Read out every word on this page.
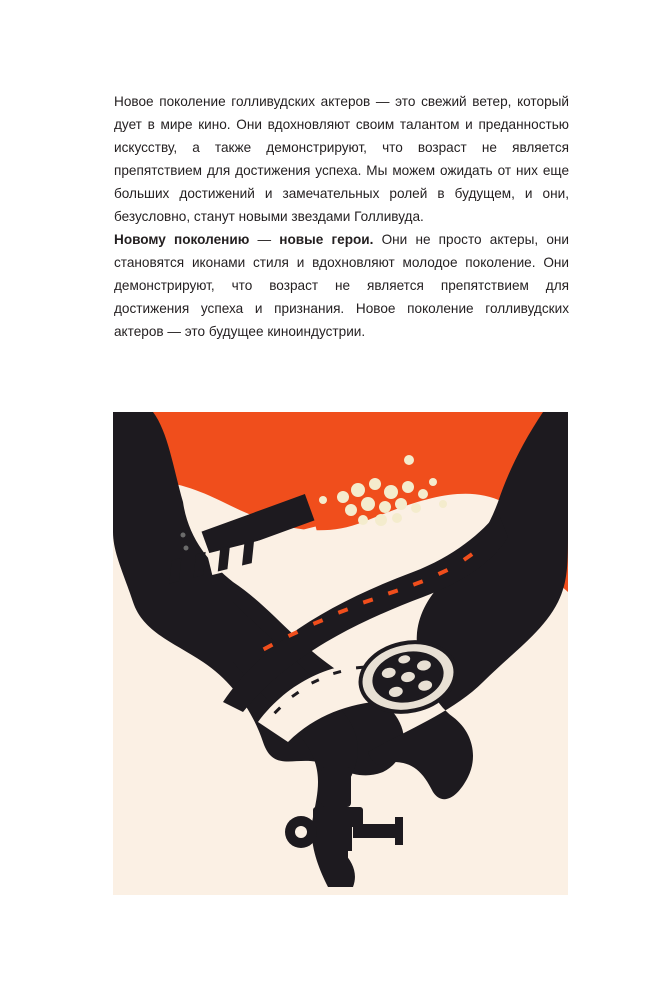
Новое поколение голливудских актеров — это свежий ветер, который дует в мире кино. Они вдохновляют своим талантом и преданностью искусству, а также демонстрируют, что возраст не является препятствием для достижения успеха. Мы можем ожидать от них еще больших достижений и замечательных ролей в будущем, и они, безусловно, станут новыми звездами Голливуда.

Новому поколению — новые герои. Они не просто актеры, они становятся иконами стиля и вдохновляют молодое поколение. Они демонстрируют, что возраст не является препятствием для достижения успеха и признания. Новое поколение голливудских актеров — это будущее киноиндустрии.
